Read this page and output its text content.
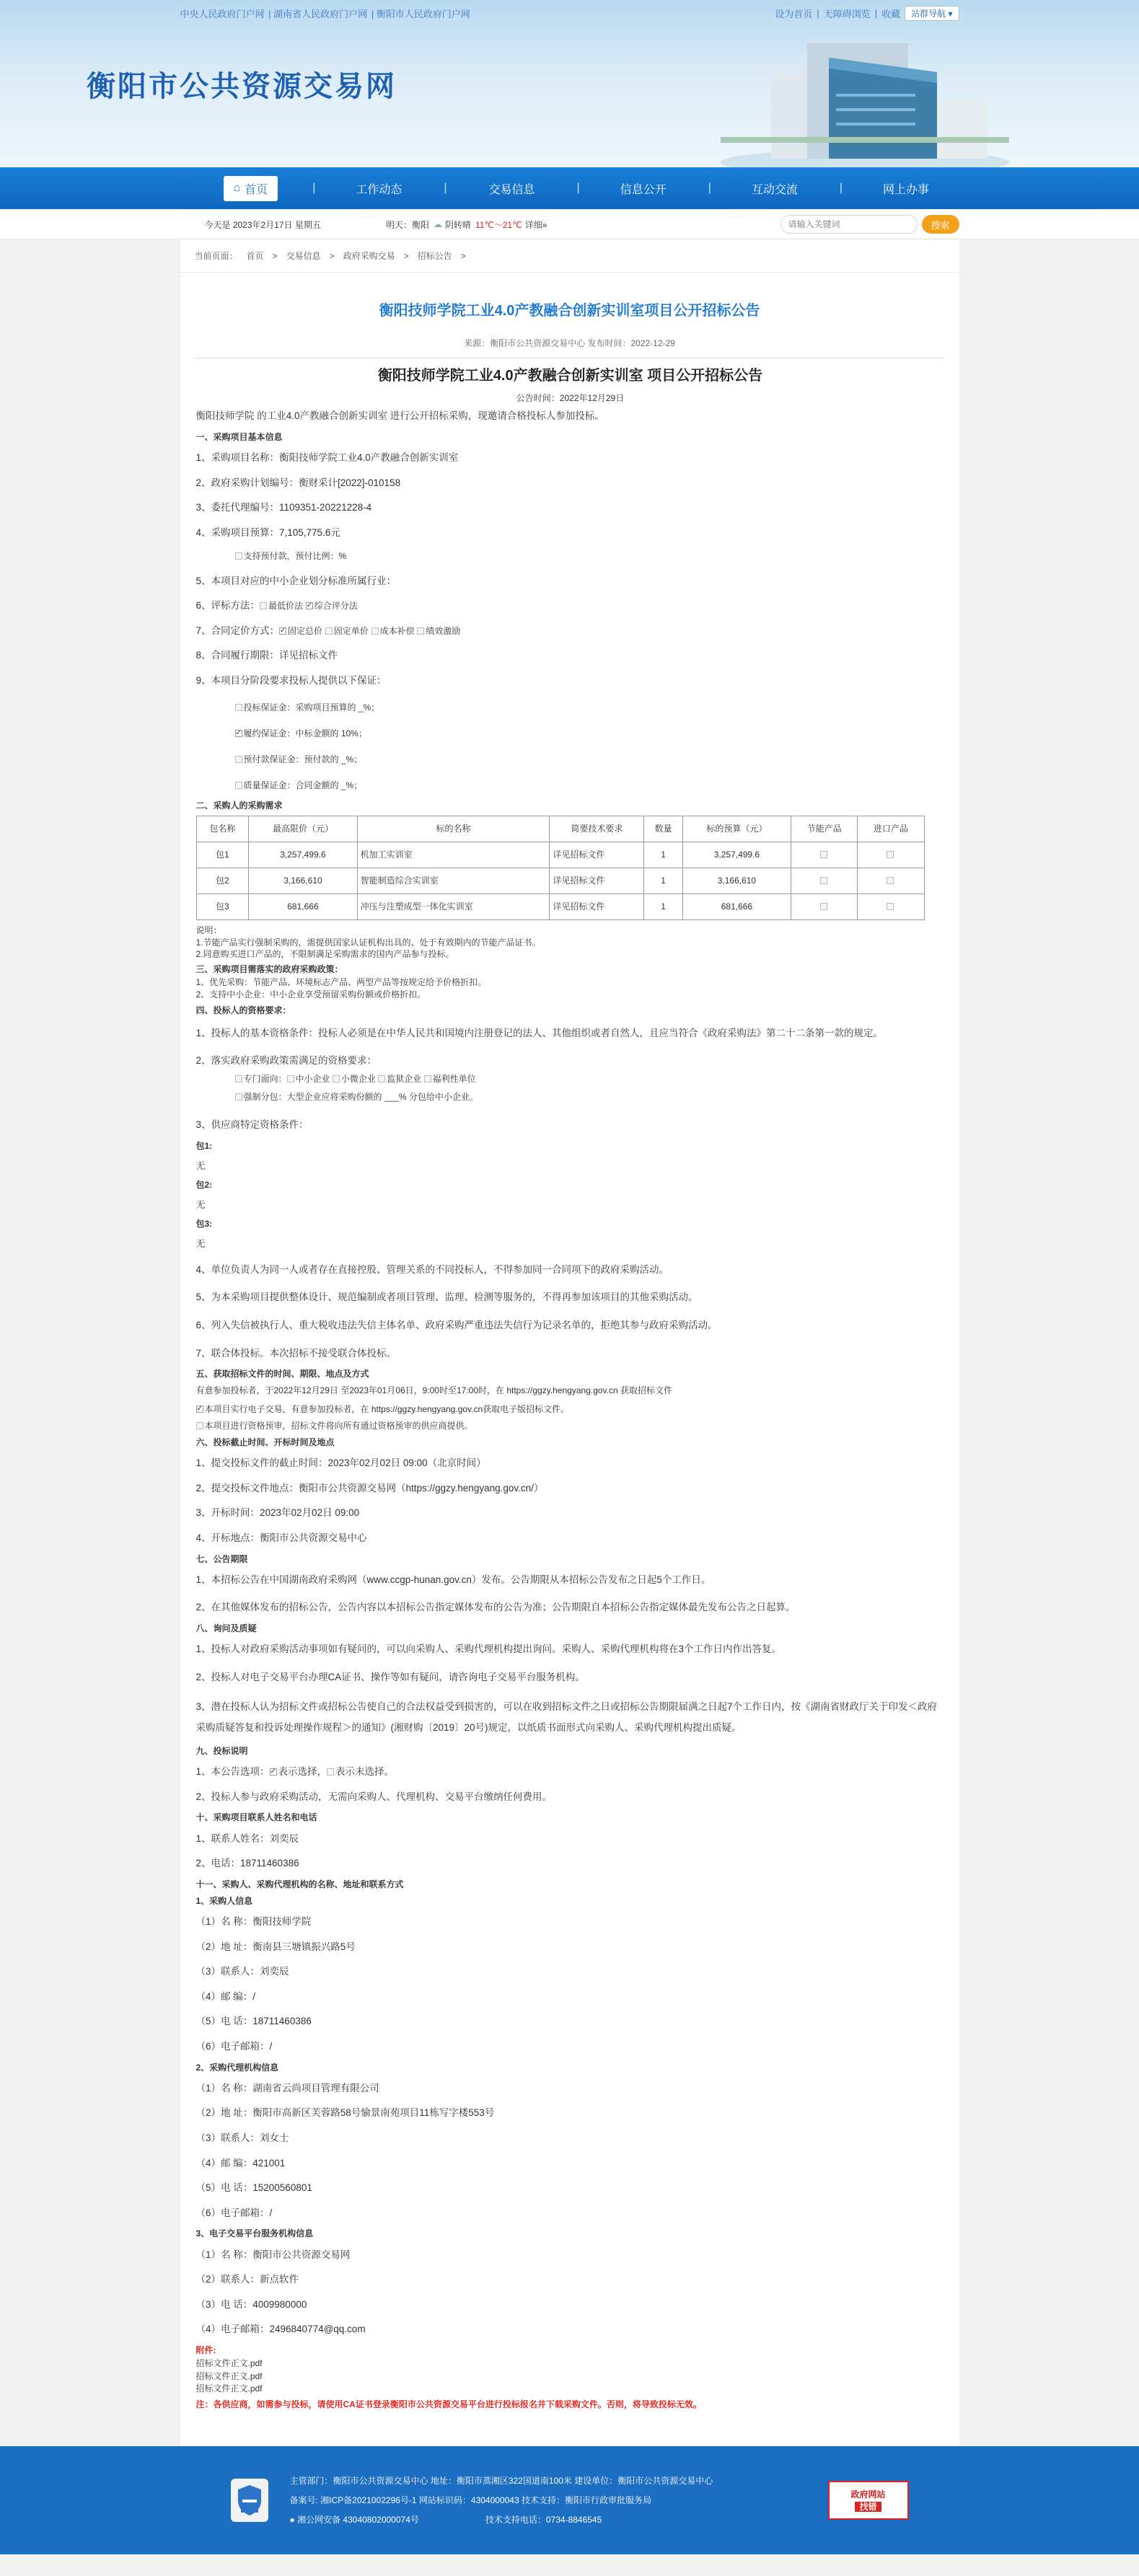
中央人民政府门户网 | 湖南省人民政府门户网 | 衡阳市人民政府门户网	设为首页 | 无障碍浏览 | 收藏	站群导航 ▾
衡阳市公共资源交易网
⌂ 首页	|	工作动态	|	交易信息	|	信息公开	|	互动交流	|	网上办事
今天是 2023年2月17日 星期五	明天：衡阳 ☁ 阴转晴 11℃～21℃ 详细»
请输入关键词	搜索
当前页面： 首页 > 交易信息 > 政府采购交易 > 招标公告 >
衡阳技师学院工业4.0产教融合创新实训室项目公开招标公告
来源：衡阳市公共资源交易中心 发布时间：2022-12-29
衡阳技师学院工业4.0产教融合创新实训室 项目公开招标公告
公告时间：2022年12月29日
衡阳技师学院 的工业4.0产教融合创新实训室 进行公开招标采购，现邀请合格投标人参加投标。
一、采购项目基本信息
1、采购项目名称：衡阳技师学院工业4.0产教融合创新实训室
2、政府采购计划编号：衡财采计[2022]-010158
3、委托代理编号：1109351-20221228-4
4、采购项目预算：7,105,775.6元
支持预付款，预付比例：%
5、本项目对应的中小企业划分标准所属行业：
6、评标方法： 最低价法 ✓ 综合评分法
7、合同定价方式： ✓ 固定总价 固定单价 成本补偿 绩效激励
8、合同履行期限：详见招标文件
9、本项目分阶段要求投标人提供以下保证：
投标保证金：采购项目预算的 _%；
✓履约保证金：中标金额的 10%；
预付款保证金：预付款的 _%；
质量保证金：合同金额的 _%；
二、采购人的采购需求
包名称	最高限价（元）	标的名称	简要技术要求	数量	标的预算（元）	节能产品	进口产品
包1	3,257,499.6	机加工实训室	详见招标文件	1	3,257,499.6		
包2	3,166,610	智能制造综合实训室	详见招标文件	1	3,166,610		
包3	681,666	冲压与注塑成型一体化实训室	详见招标文件	1	681,666		
说明：
1.节能产品实行强制采购的，需提供国家认证机构出具的、处于有效期内的节能产品证书。
2.同意购买进口产品的，不限制满足采购需求的国内产品参与投标。
三、采购项目需落实的政府采购政策：
1、优先采购：节能产品、环境标志产品、两型产品等按规定给予价格折扣。
2、支持中小企业：中小企业享受预留采购份额或价格折扣。
四、投标人的资格要求：
1、投标人的基本资格条件：投标人必须是在中华人民共和国境内注册登记的法人、其他组织或者自然人，且应当符合《政府采购法》第二十二条第一款的规定。
2、落实政府采购政策需满足的资格要求：
专门面向： 中小企业 小微企业 监狱企业 福利性单位
强制分包：大型企业应将采购份额的 ___% 分包给中小企业。
3、供应商特定资格条件：
包1:
无
包2:
无
包3:
无
4、单位负责人为同一人或者存在直接控股、管理关系的不同投标人，不得参加同一合同项下的政府采购活动。
5、为本采购项目提供整体设计、规范编制或者项目管理、监理、检测等服务的，不得再参加该项目的其他采购活动。
6、列入失信被执行人、重大税收违法失信主体名单、政府采购严重违法失信行为记录名单的，拒绝其参与政府采购活动。
7、联合体投标。本次招标不接受联合体投标。
五、获取招标文件的时间、期限、地点及方式
有意参加投标者，于2022年12月29日 至2023年01月06日，9:00时至17:00时，在 https://ggzy.hengyang.gov.cn 获取招标文件
✓本项目实行电子交易，有意参加投标者，在 https://ggzy.hengyang.gov.cn获取电子版招标文件。
本项目进行资格预审，招标文件将向所有通过资格预审的供应商提供。
六、投标截止时间、开标时间及地点
1、提交投标文件的截止时间：2023年02月02日 09:00（北京时间）
2、提交投标文件地点：衡阳市公共资源交易网（https://ggzy.hengyang.gov.cn/）
3、开标时间：2023年02月02日 09:00
4、开标地点：衡阳市公共资源交易中心
七、公告期限
1、本招标公告在中国湖南政府采购网（www.ccgp-hunan.gov.cn）发布。公告期限从本招标公告发布之日起5个工作日。
2、在其他媒体发布的招标公告，公告内容以本招标公告指定媒体发布的公告为准；公告期限自本招标公告指定媒体最先发布公告之日起算。
八、询问及质疑
1、投标人对政府采购活动事项如有疑问的，可以向采购人、采购代理机构提出询问。采购人、采购代理机构将在3个工作日内作出答复。
2、投标人对电子交易平台办理CA证书、操作等如有疑问，请咨询电子交易平台服务机构。
3、潜在投标人认为招标文件或招标公告使自己的合法权益受到损害的，可以在收到招标文件之日或招标公告期限届满之日起7个工作日内，按《湖南省财政厅关于印发＜政府采购质疑答复和投诉处理操作规程＞的通知》(湘财购〔2019〕20号)规定，以纸质书面形式向采购人、采购代理机构提出质疑。
九、投标说明
1、本公告选项： ✓ 表示选择， 表示未选择。
2、投标人参与政府采购活动，无需向采购人、代理机构、交易平台缴纳任何费用。
十、采购项目联系人姓名和电话
1、联系人姓名：刘奕辰
2、电话：18711460386
十一、采购人、采购代理机构的名称、地址和联系方式
1、采购人信息
（1）名 称：衡阳技师学院
（2）地 址：衡南县三塘镇振兴路5号
（3）联系人：刘奕辰
（4）邮 编：/
（5）电 话：18711460386
（6）电子邮箱：/
2、采购代理机构信息
（1）名 称：湖南省云尚项目管理有限公司
（2）地 址：衡阳市高新区芙蓉路58号愉景南苑项目11栋写字楼553号
（3）联系人：刘女士
（4）邮 编：421001
（5）电 话：15200560801
（6）电子邮箱：/
3、电子交易平台服务机构信息
（1）名 称：衡阳市公共资源交易网
（2）联系人：新点软件
（3）电 话：4009980000
（4）电子邮箱：2496840774@qq.com
附件:
招标文件正文.pdf
招标文件正文.pdf
招标文件正文.pdf
注：各供应商，如需参与投标，请使用CA证书登录衡阳市公共资源交易平台进行投标报名并下载采购文件。否则，将导致投标无效。
主管部门：衡阳市公共资源交易中心 地址：衡阳市蒸湘区322国道南100米 建设单位：衡阳市公共资源交易中心
备案号: 湘ICP备2021002296号-1 网站标识码：4304000043 技术支持：衡阳市行政审批服务局
● 湘公网安备 43040802000074号	技术支持电话：0734-8846545
政府网站
找错
